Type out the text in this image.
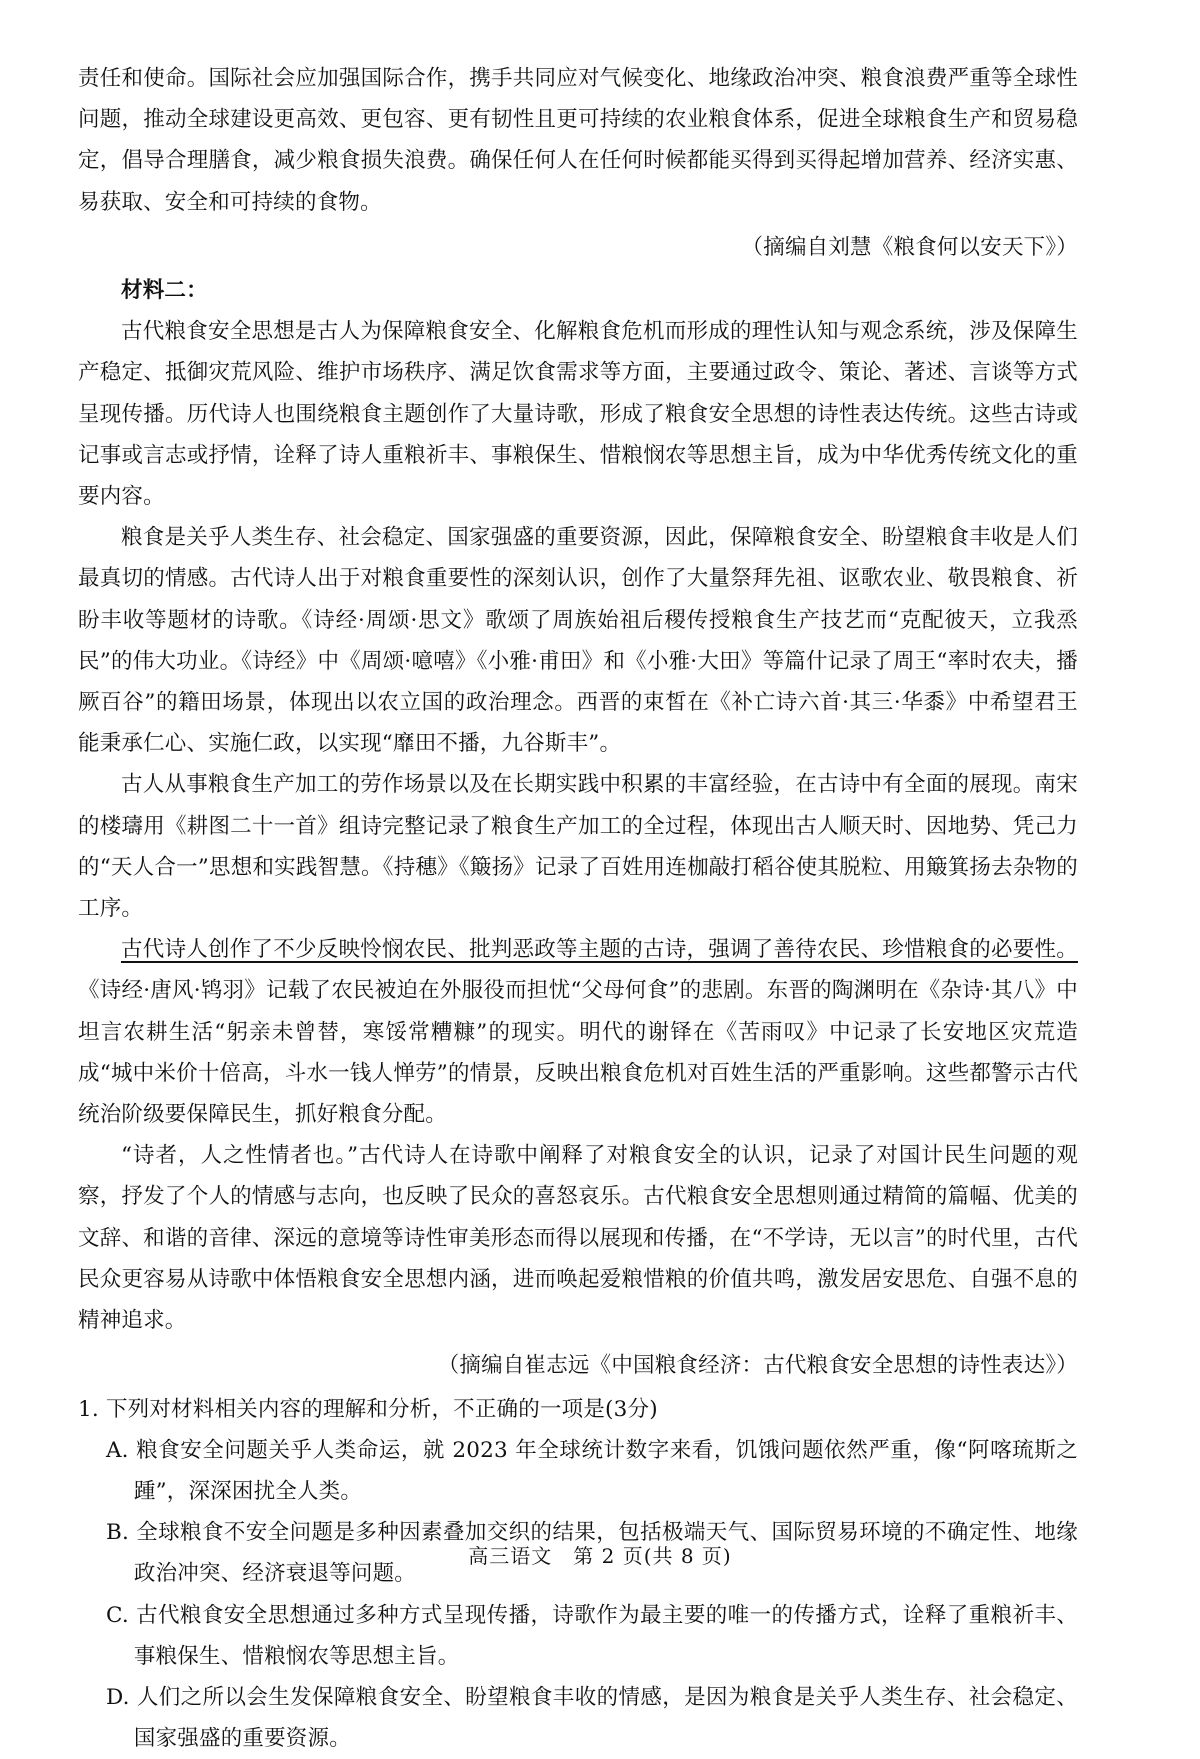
责任和使命。国际社会应加强国际合作，携手共同应对气候变化、地缘政治冲突、粮食浪费严重等全球性问题，推动全球建设更高效、更包容、更有韧性且更可持续的农业粮食体系，促进全球粮食生产和贸易稳定，倡导合理膳食，减少粮食损失浪费。确保任何人在任何时候都能买得到买得起增加营养、经济实惠、易获取、安全和可持续的食物。

（摘编自刘慧《粮食何以安天下》）

材料二：

古代粮食安全思想是古人为保障粮食安全、化解粮食危机而形成的理性认知与观念系统，涉及保障生产稳定、抵御灾荒风险、维护市场秩序、满足饮食需求等方面，主要通过政令、策论、著述、言谈等方式呈现传播。历代诗人也围绕粮食主题创作了大量诗歌，形成了粮食安全思想的诗性表达传统。这些古诗或记事或言志或抒情，诠释了诗人重粮祈丰、事粮保生、惜粮悯农等思想主旨，成为中华优秀传统文化的重要内容。

粮食是关乎人类生存、社会稳定、国家强盛的重要资源，因此，保障粮食安全、盼望粮食丰收是人们最真切的情感。古代诗人出于对粮食重要性的深刻认识，创作了大量祭拜先祖、讴歌农业、敬畏粮食、祈盼丰收等题材的诗歌。《诗经·周颂·思文》歌颂了周族始祖后稷传授粮食生产技艺而“克配彼天，立我烝民”的伟大功业。《诗经》中《周颂·噫嘻》《小雅·甫田》和《小雅·大田》等篇什记录了周王“率时农夫，播厥百谷”的籍田场景，体现出以农立国的政治理念。西晋的束皙在《补亡诗六首·其三·华黍》中希望君王能秉承仁心、实施仁政，以实现“靡田不播，九谷斯丰”。

古人从事粮食生产加工的劳作场景以及在长期实践中积累的丰富经验，在古诗中有全面的展现。南宋的楼璹用《耕图二十一首》组诗完整记录了粮食生产加工的全过程，体现出古人顺天时、因地势、凭己力的“天人合一”思想和实践智慧。《持穗》《簸扬》记录了百姓用连枷敲打稻谷使其脱粒、用簸箕扬去杂物的工序。

古代诗人创作了不少反映怜悯农民、批判恶政等主题的古诗，强调了善待农民、珍惜粮食的必要性。《诗经·唐风·鸨羽》记载了农民被迫在外服役而担忧“父母何食”的悲剧。东晋的陶渊明在《杂诗·其八》中坦言农耕生活“躬亲未曾替，寒馁常糟糠”的现实。明代的谢铎在《苦雨叹》中记录了长安地区灾荒造成“城中米价十倍高，斗水一钱人惮劳”的情景，反映出粮食危机对百姓生活的严重影响。这些都警示古代统治阶级要保障民生，抓好粮食分配。

“诗者，人之性情者也。”古代诗人在诗歌中阐释了对粮食安全的认识，记录了对国计民生问题的观察，抒发了个人的情感与志向，也反映了民众的喜怒哀乐。古代粮食安全思想则通过精简的篇幅、优美的文辞、和谐的音律、深远的意境等诗性审美形态而得以展现和传播，在“不学诗，无以言”的时代里，古代民众更容易从诗歌中体悟粮食安全思想内涵，进而唤起爱粮惜粮的价值共鸣，激发居安思危、自强不息的精神追求。

（摘编自崔志远《中国粮食经济：古代粮食安全思想的诗性表达》）

1. 下列对材料相关内容的理解和分析，不正确的一项是(3分)

A. 粮食安全问题关乎人类命运，就 2023 年全球统计数字来看，饥饿问题依然严重，像“阿喀琉斯之踵”，深深困扰全人类。

B. 全球粮食不安全问题是多种因素叠加交织的结果，包括极端天气、国际贸易环境的不确定性、地缘政治冲突、经济衰退等问题。

C. 古代粮食安全思想通过多种方式呈现传播，诗歌作为最主要的唯一的传播方式，诠释了重粮祈丰、事粮保生、惜粮悯农等思想主旨。

D. 人们之所以会生发保障粮食安全、盼望粮食丰收的情感，是因为粮食是关乎人类生存、社会稳定、国家强盛的重要资源。

高三语文　第 2 页(共 8 页)
